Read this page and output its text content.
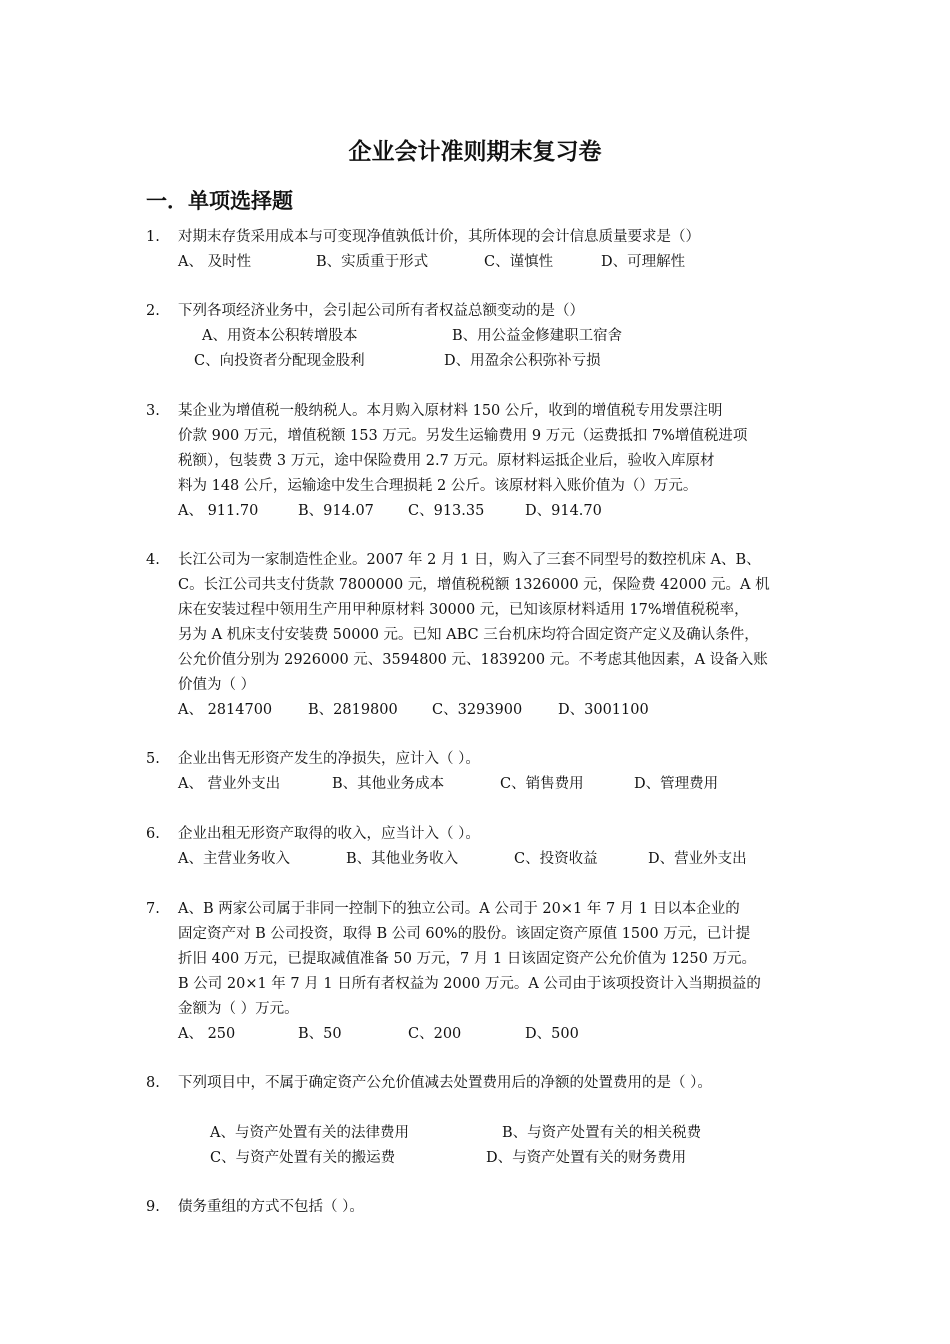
企业会计准则期末复习卷
一．单项选择题
1. 对期末存货采用成本与可变现净值孰低计价，其所体现的会计信息质量要求是（）
A、 及时性	B、实质重于形式	C、谨慎性	D、可理解性
2. 下列各项经济业务中，会引起公司所有者权益总额变动的是（）
A、用资本公积转增股本	B、用公益金修建职工宿舍
C、向投资者分配现金股利	D、用盈余公积弥补亏损
3. 某企业为增值税一般纳税人。本月购入原材料 150 公斤，收到的增值税专用发票注明
价款 900 万元，增值税额 153 万元。另发生运输费用 9 万元（运费抵扣 7%增值税进项
税额），包装费 3 万元，途中保险费用 2.7 万元。原材料运抵企业后，验收入库原材
料为 148 公斤，运输途中发生合理损耗 2 公斤。该原材料入账价值为（）万元。
A、 911.70	B、914.07 C、913.35	D、914.70
4. 长江公司为一家制造性企业。2007 年 2 月 1 日，购入了三套不同型号的数控机床 A、B、
C。长江公司共支付货款 7800000 元，增值税税额 1326000 元，保险费 42000 元。A 机
床在安装过程中领用生产用甲种原材料 30000 元，已知该原材料适用 17%增值税税率，
另为 A 机床支付安装费 50000 元。已知 ABC 三台机床均符合固定资产定义及确认条件，
公允价值分别为 2926000 元、3594800 元、1839200 元。不考虑其他因素，A 设备入账
价值为（ ）
A、 2814700 B、2819800 C、3293900 D、3001100
5. 企业出售无形资产发生的净损失，应计入（ ）。
A、 营业外支出	B、其他业务成本	C、销售费用	D、管理费用
6. 企业出租无形资产取得的收入，应当计入（ ）。
A、主营业务收入	B、其他业务收入	C、投资收益	D、营业外支出
7. A、B 两家公司属于非同一控制下的独立公司。A 公司于 20×1 年 7 月 1 日以本企业的
固定资产对 B 公司投资，取得 B 公司 60%的股份。该固定资产原值 1500 万元，已计提
折旧 400 万元，已提取减值准备 50 万元，7 月 1 日该固定资产公允价值为 1250 万元。
B 公司 20×1 年 7 月 1 日所有者权益为 2000 万元。A 公司由于该项投资计入当期损益的
金额为（ ）万元。
A、 250	B、50	C、200	D、500
8. 下列项目中，不属于确定资产公允价值减去处置费用后的净额的处置费用的是（ ）。
A、与资产处置有关的法律费用	B、与资产处置有关的相关税费
C、与资产处置有关的搬运费	D、与资产处置有关的财务费用
9. 债务重组的方式不包括（ ）。
